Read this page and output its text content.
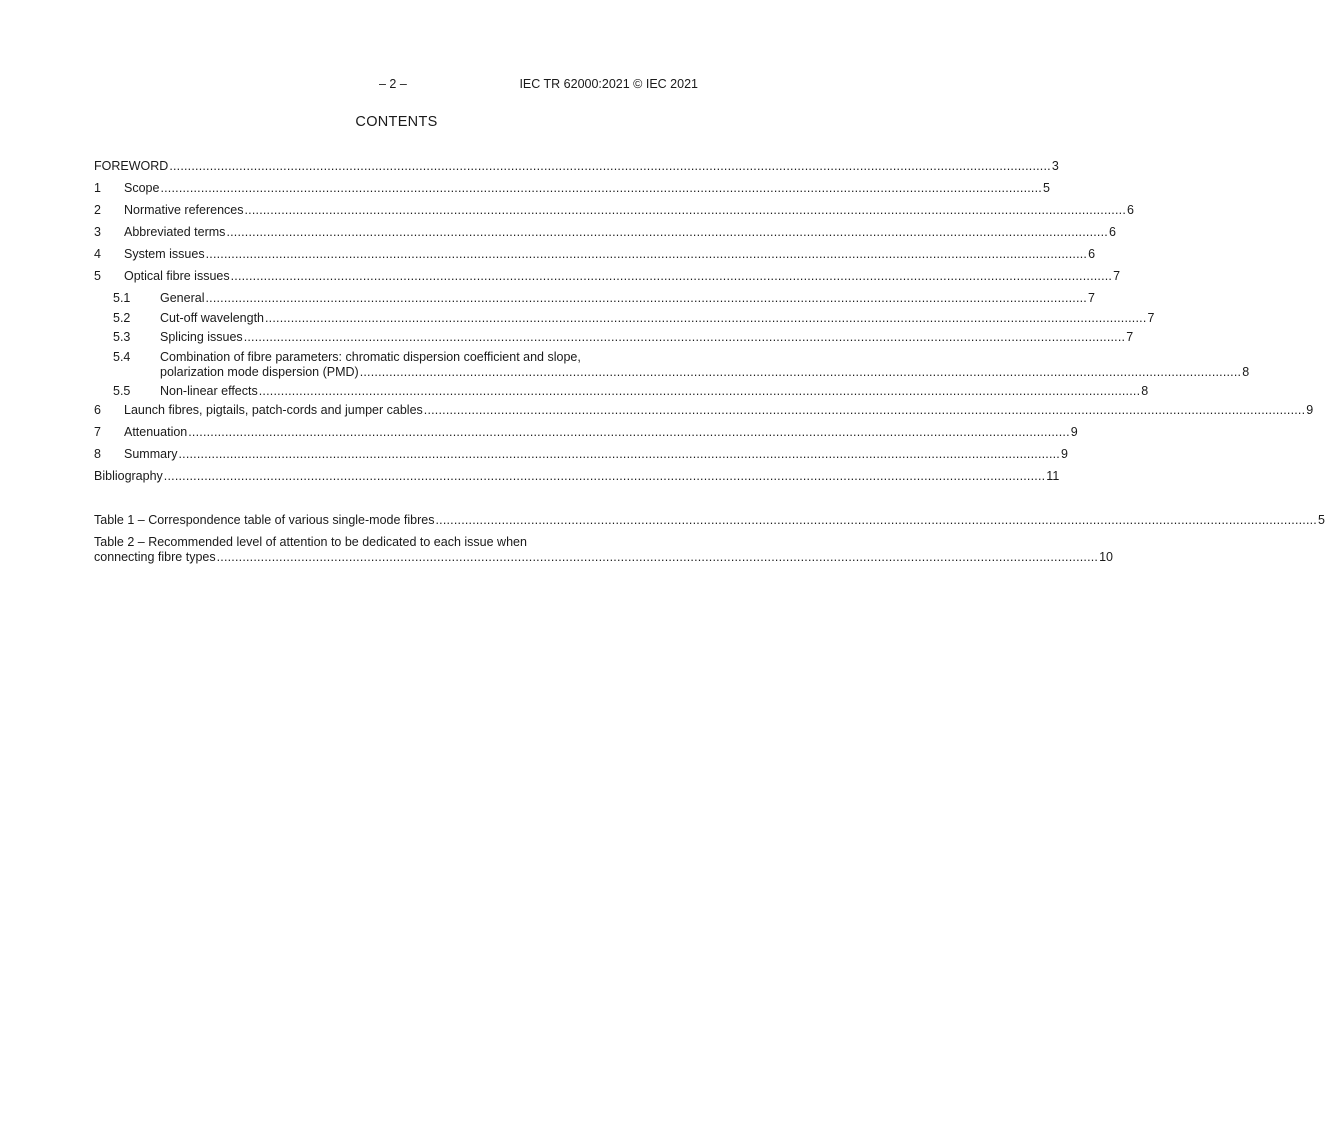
– 2 –	IEC TR 62000:2021 © IEC 2021
CONTENTS
FOREWORD .....	3
1	Scope .....	5
2	Normative references .....	6
3	Abbreviated terms .....	6
4	System issues .....	6
5	Optical fibre issues .....	7
5.1	General .....	7
5.2	Cut-off wavelength .....	7
5.3	Splicing issues .....	7
5.4	Combination of fibre parameters: chromatic dispersion coefficient and slope,
polarization mode dispersion (PMD) .....	8
5.5	Non-linear effects .....	8
6	Launch fibres, pigtails, patch-cords and jumper cables .....	9
7	Attenuation .....	9
8	Summary .....	9
Bibliography .....	11
Table 1 – Correspondence table of various single-mode fibres .....	5
Table 2 – Recommended level of attention to be dedicated to each issue when
connecting fibre types .....	10
